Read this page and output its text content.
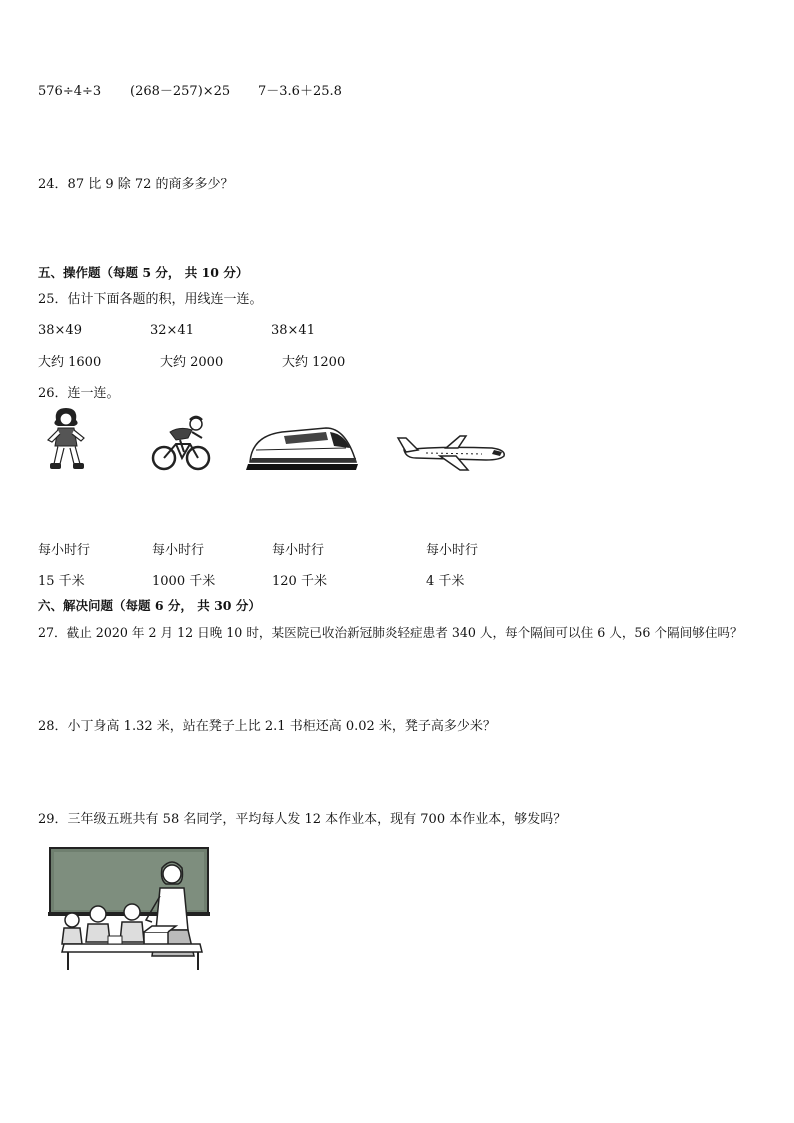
576÷4÷3 (268－257)×25 7－3.6＋25.8
24．87 比 9 除 72 的商多多少？
五、操作题（每题 5 分， 共 10 分）
25．估计下面各题的积，用线连一连。
38×49	32×41	38×41
大约 1600	大约 2000	大约 1200
26．连一连。
每小时行	每小时行	每小时行	每小时行
15 千米	1000 千米	120 千米	4 千米
六、解决问题（每题 6 分， 共 30 分）
27．截止 2020 年 2 月 12 日晚 10 时，某医院已收治新冠肺炎轻症患者 340 人，每个隔间可以住 6 人，56 个隔间够住吗？
28．小丁身高 1.32 米，站在凳子上比 2.1 书柜还高 0.02 米，凳子高多少米？
29．三年级五班共有 58 名同学，平均每人发 12 本作业本，现有 700 本作业本，够发吗？
